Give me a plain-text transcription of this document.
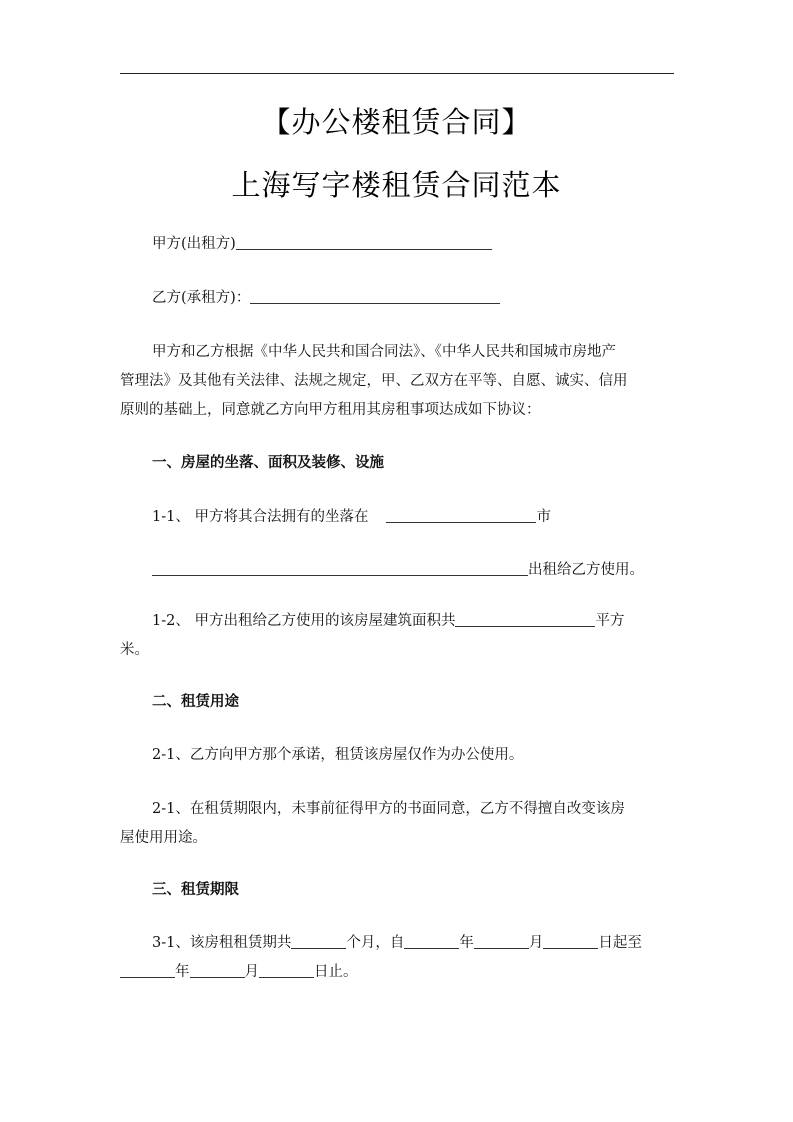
【办公楼租赁合同】
上海写字楼租赁合同范本
甲方(出租方)
乙方(承租方)：
甲方和乙方根据《中华人民共和国合同法》、《中华人民共和国城市房地产
管理法》及其他有关法律、法规之规定，甲、乙双方在平等、自愿、诚实、信用
原则的基础上，同意就乙方向甲方租用其房租事项达成如下协议：
一、房屋的坐落、面积及装修、设施
1-1、 甲方将其合法拥有的坐落在	市
出租给乙方使用。
1-2、 甲方出租给乙方使用的该房屋建筑面积共	平方
米。
二、租赁用途
2-1、乙方向甲方那个承诺，租赁该房屋仅作为办公使用。
2-1、在租赁期限内，未事前征得甲方的书面同意，乙方不得擅自改变该房
屋使用用途。
三、租赁期限
3-1、该房租租赁期共	个月，自	年	月	日起至
年	月	日止。
